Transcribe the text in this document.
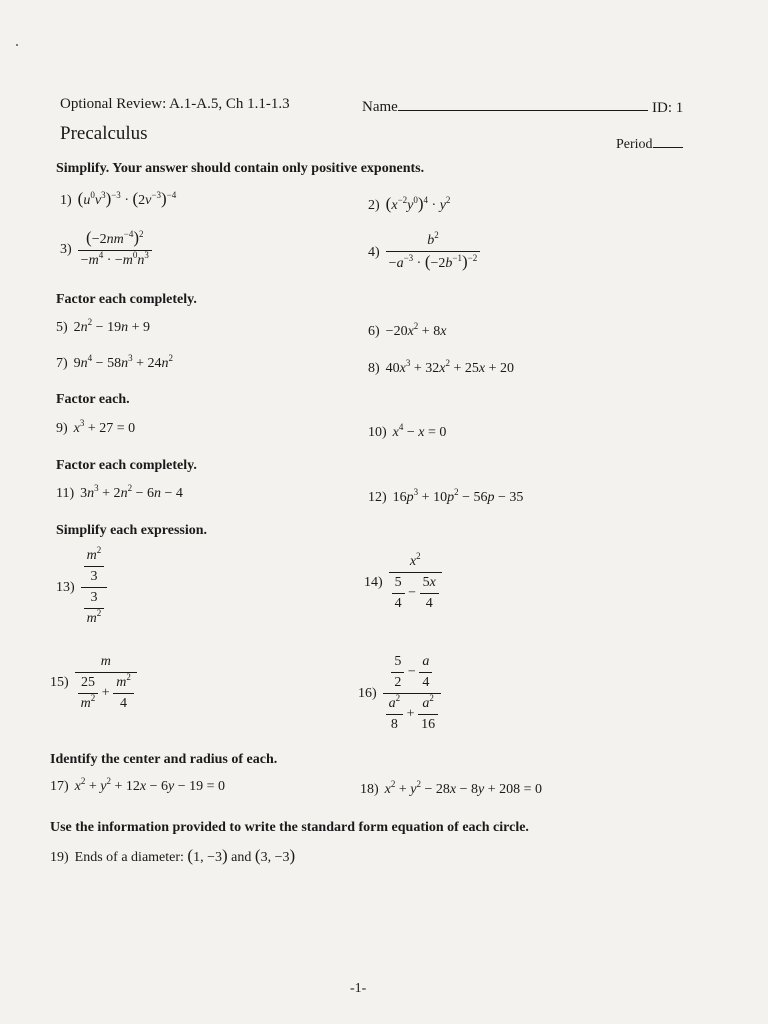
Optional Review: A.1-A.5, Ch 1.1-1.3	Name	ID: 1
Precalculus
Period
Simplify. Your answer should contain only positive exponents.
1) $(u^0v^3)^{-3} \cdot (2v^{-3})^{-4}$
2) $(x^{-2}y^0)^4 \cdot y^2$
$3) \frac{(-2nm^{-4})^2}{-m^4 \cdot -m^0n^3}$	$4) \frac{b^2}{-a^{-3} \cdot (-2b^{-1})^{-2}}$
Factor each completely.
5) $2n^2 - 19n + 9$	$6) -20x^2 + 8x$
7) $9n^4 - 58n^3 + 24n^2$
8) $40x^3 + 32x^2 + 25x + 20$
Factor each.
9) $x^3 + 27 = 0$	10) $x^4 - x = 0$
Factor each completely.
11) $3n^3 + 2n^2 - 6n - 4$	12) $16p^3 + 10p^2 - 56p - 35$
Simplify each expression.
$13) \frac{\frac{m^2}{3}}{\frac{3}{m^2}}$	$14) \frac{x^2}{\frac{5}{4} - \frac{5x}{4}}$
$15) \frac{m}{\frac{25}{m^2} + \frac{m^2}{4}}$	$16) \frac{\frac{5}{2} - \frac{a}{4}}{\frac{a^2}{8} + \frac{a^2}{16}}$
Identify the center and radius of each.
17) $x^2 + y^2 + 12x - 6y - 19 = 0$	18) $x^2 + y^2 - 28x - 8y + 208 = 0$
Use the information provided to write the standard form equation of each circle.
19) Ends of a diameter: (1, −3) and (3, −3)
-1-
